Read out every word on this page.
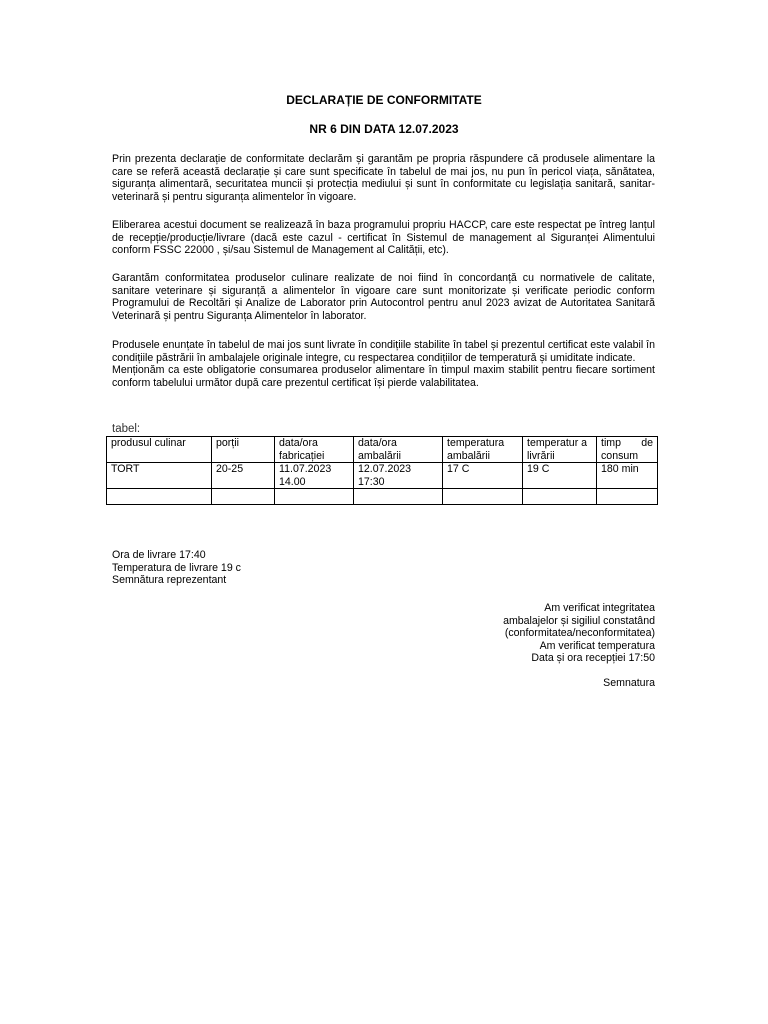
DECLARAȚIE DE CONFORMITATE
NR 6 DIN DATA 12.07.2023

Prin prezenta declarație de conformitate declarăm și garantăm pe propria răspundere că produsele alimentare la care se referă această declarație și care sunt specificate în tabelul de mai jos, nu pun în pericol viața, sănătatea, siguranța alimentară, securitatea muncii și protecția mediului și sunt în conformitate cu legislația sanitară, sanitar-veterinară și pentru siguranța alimentelor în vigoare.

Eliberarea acestui document se realizează în baza programului propriu HACCP, care este respectat pe întreg lanțul de recepție/producție/livrare (dacă este cazul - certificat în Sistemul de management al Siguranței Alimentului conform FSSC 22000 , și/sau Sistemul de Management al Calității, etc).

Garantăm conformitatea produselor culinare realizate de noi fiind în concordanță cu normativele de calitate, sanitare veterinare și siguranță a alimentelor în vigoare care sunt monitorizate și verificate periodic conform Programului de Recoltări și Analize de Laborator prin Autocontrol pentru anul 2023 avizat de Autoritatea Sanitară Veterinară și pentru Siguranța Alimentelor în laborator.

Produsele enunțate în tabelul de mai jos sunt livrate în condițiile stabilite în tabel și prezentul certificat este valabil în condițiile păstrării în ambalajele originale integre, cu respectarea condițiilor de temperatură și umiditate indicate.

Menționăm ca este obligatorie consumarea produselor alimentare în timpul maxim stabilit pentru fiecare sortiment conform tabelului următor după care prezentul certificat își pierde valabilitatea.

tabel:
produsul culinar	porții	data/ora fabricației	data/ora ambalării	temperatura ambalării	temperatur a livrării	timp de consum
TORT	20-25	11.07.2023 14.00	12.07.2023 17:30	17 C	19 C	180 min

Ora de livrare 17:40
Temperatura de livrare 19 c
Semnătura reprezentant
Am verificat integritatea
ambalajelor și sigiliul constatând
(conformitatea/neconformitatea)
Am verificat temperatura
Data și ora recepției 17:50
Semnatura
